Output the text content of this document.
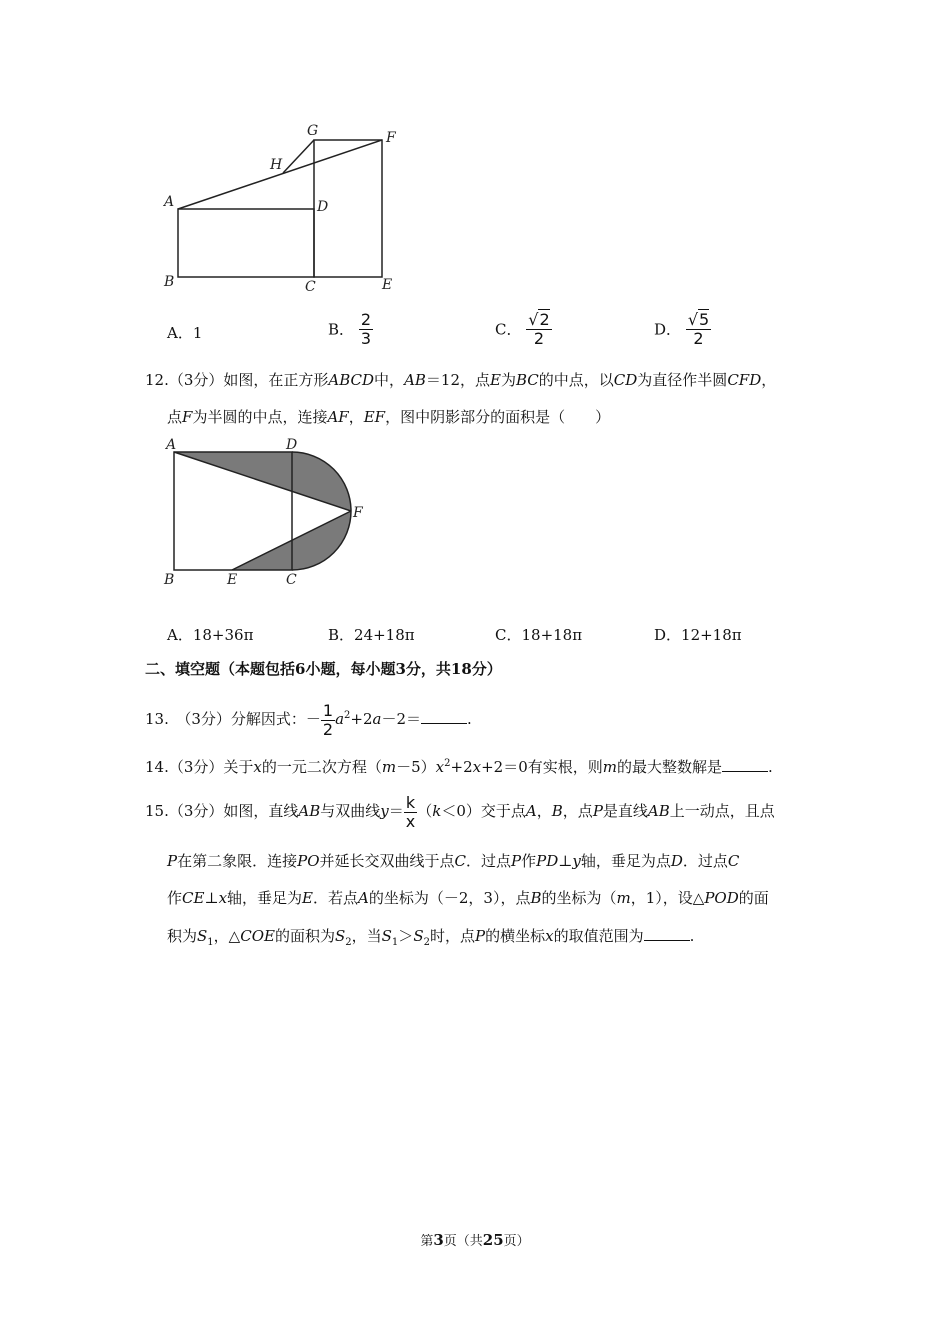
G	F
H
A	D
B	C	E
A．1	B． $\frac{2}{3}$	C． $\frac{√2}{2}$	D． $\frac{√5}{2}$
12.（3分）如图，在正方形ABCD中，AB＝12，点E为BC的中点，以CD为直径作半圆CFD，
点F为半圆的中点，连接AF，EF，图中阴影部分的面积是（　　）
A	D
F
B	E	C
A．18+36π	B．24+18π	C．18+18π	D．12+18π
二、填空题（本题包括6小题，每小题3分，共18分）
13.　（3分）分解因式：－ $\frac{1}{2} a^2+2a-2=$	.
14.（3分）关于x的一元二次方程$(m-5)x^2+2x+2=0$有实根，则m的最大整数解是	.
15.（3分）如图，直线AB与双曲线$y= \frac{k}{x} (k<0)$交于点A，B，点P是直线AB上一动点，且点
P在第二象限．连接PO并延长交双曲线于点C．过点P作PD⊥y轴，垂足为点D．过点C
作CE⊥x轴，垂足为E．若点A的坐标为（－2，3），点B的坐标为（m，1），设△POD的面
积为$S_1$，△COE的面积为$S_2$，当$S_1>S_2$时，点P的横坐标x的取值范围为	.
第3页（共25页）
